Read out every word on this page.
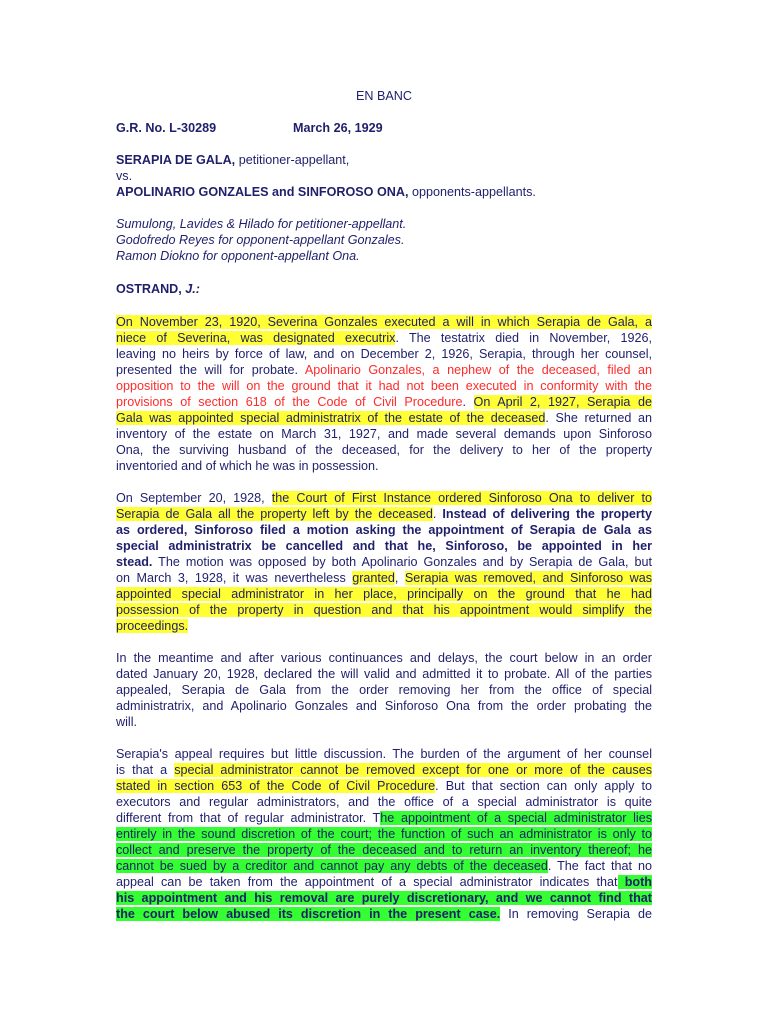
EN BANC
G.R. No. L-30289	March 26, 1929
SERAPIA DE GALA, petitioner-appellant,
vs.
APOLINARIO GONZALES and SINFOROSO ONA, opponents-appellants.
Sumulong, Lavides & Hilado for petitioner-appellant.
Godofredo Reyes for opponent-appellant Gonzales.
Ramon Diokno for opponent-appellant Ona.
OSTRAND, J.:
On November 23, 1920, Severina Gonzales executed a will in which Serapia de Gala, a
niece of Severina, was designated executrix. The testatrix died in November, 1926,
leaving no heirs by force of law, and on December 2, 1926, Serapia, through her counsel,
presented the will for probate. Apolinario Gonzales, a nephew of the deceased, filed an
opposition to the will on the ground that it had not been executed in conformity with the
provisions of section 618 of the Code of Civil Procedure. On April 2, 1927, Serapia de
Gala was appointed special administratrix of the estate of the deceased. She returned an
inventory of the estate on March 31, 1927, and made several demands upon Sinforoso
Ona, the surviving husband of the deceased, for the delivery to her of the property
inventoried and of which he was in possession.
On September 20, 1928, the Court of First Instance ordered Sinforoso Ona to deliver to
Serapia de Gala all the property left by the deceased. Instead of delivering the property
as ordered, Sinforoso filed a motion asking the appointment of Serapia de Gala as
special administratrix be cancelled and that he, Sinforoso, be appointed in her
stead. The motion was opposed by both Apolinario Gonzales and by Serapia de Gala, but
on March 3, 1928, it was nevertheless granted, Serapia was removed, and Sinforoso was
appointed special administrator in her place, principally on the ground that he had
possession of the property in question and that his appointment would simplify the
proceedings.
In the meantime and after various continuances and delays, the court below in an order
dated January 20, 1928, declared the will valid and admitted it to probate. All of the parties
appealed, Serapia de Gala from the order removing her from the office of special
administratrix, and Apolinario Gonzales and Sinforoso Ona from the order probating the
will.
Serapia's appeal requires but little discussion. The burden of the argument of her counsel
is that a special administrator cannot be removed except for one or more of the causes
stated in section 653 of the Code of Civil Procedure. But that section can only apply to
executors and regular administrators, and the office of a special administrator is quite
different from that of regular administrator. The appointment of a special administrator lies
entirely in the sound discretion of the court; the function of such an administrator is only to
collect and preserve the property of the deceased and to return an inventory thereof; he
cannot be sued by a creditor and cannot pay any debts of the deceased. The fact that no
appeal can be taken from the appointment of a special administrator indicates that both
his appointment and his removal are purely discretionary, and we cannot find that
the court below abused its discretion in the present case. In removing Serapia de
